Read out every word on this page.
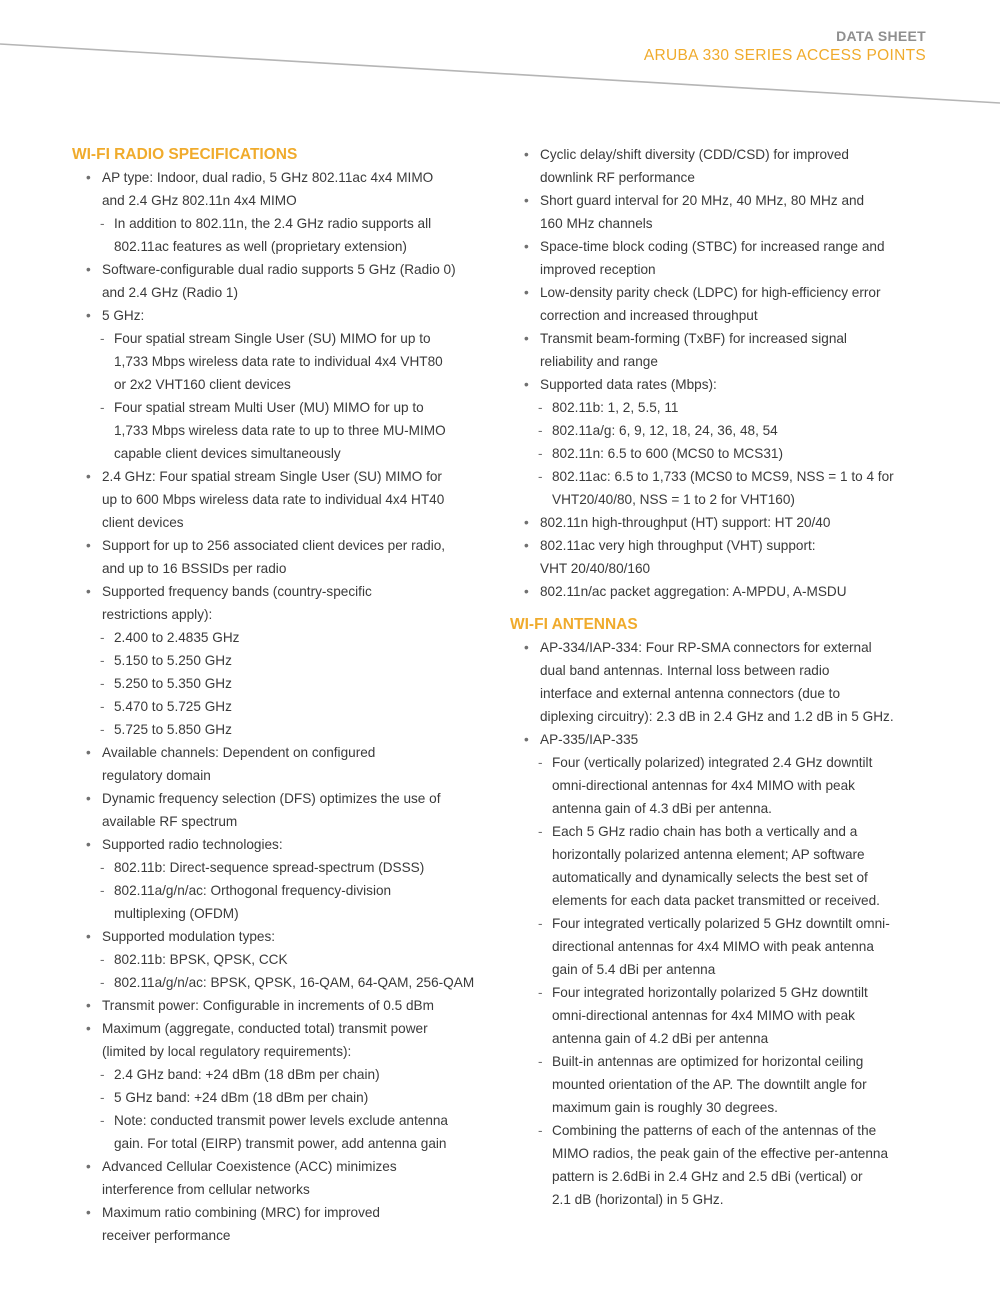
DATA SHEET
ARUBA 330 SERIES ACCESS POINTS
WI-FI RADIO SPECIFICATIONS
• AP type: Indoor, dual radio, 5 GHz 802.11ac 4x4 MIMO
and 2.4 GHz 802.11n 4x4 MIMO
- In addition to 802.11n, the 2.4 GHz radio supports all
802.11ac features as well (proprietary extension)
• Software-configurable dual radio supports 5 GHz (Radio 0)
and 2.4 GHz (Radio 1)
• 5 GHz:
- Four spatial stream Single User (SU) MIMO for up to
1,733 Mbps wireless data rate to individual 4x4 VHT80
or 2x2 VHT160 client devices
- Four spatial stream Multi User (MU) MIMO for up to
1,733 Mbps wireless data rate to up to three MU-MIMO
capable client devices simultaneously
• 2.4 GHz: Four spatial stream Single User (SU) MIMO for
up to 600 Mbps wireless data rate to individual 4x4 HT40
client devices
• Support for up to 256 associated client devices per radio,
and up to 16 BSSIDs per radio
• Supported frequency bands (country-specific
restrictions apply):
- 2.400 to 2.4835 GHz
- 5.150 to 5.250 GHz
- 5.250 to 5.350 GHz
- 5.470 to 5.725 GHz
- 5.725 to 5.850 GHz
• Available channels: Dependent on configured
regulatory domain
• Dynamic frequency selection (DFS) optimizes the use of
available RF spectrum
• Supported radio technologies:
- 802.11b: Direct-sequence spread-spectrum (DSSS)
- 802.11a/g/n/ac: Orthogonal frequency-division
multiplexing (OFDM)
• Supported modulation types:
- 802.11b: BPSK, QPSK, CCK
- 802.11a/g/n/ac: BPSK, QPSK, 16-QAM, 64-QAM, 256-QAM
• Transmit power: Configurable in increments of 0.5 dBm
• Maximum (aggregate, conducted total) transmit power
(limited by local regulatory requirements):
- 2.4 GHz band: +24 dBm (18 dBm per chain)
- 5 GHz band: +24 dBm (18 dBm per chain)
- Note: conducted transmit power levels exclude antenna
gain. For total (EIRP) transmit power, add antenna gain
• Advanced Cellular Coexistence (ACC) minimizes
interference from cellular networks
• Maximum ratio combining (MRC) for improved
receiver performance
• Cyclic delay/shift diversity (CDD/CSD) for improved
downlink RF performance
• Short guard interval for 20 MHz, 40 MHz, 80 MHz and
160 MHz channels
• Space-time block coding (STBC) for increased range and
improved reception
• Low-density parity check (LDPC) for high-efficiency error
correction and increased throughput
• Transmit beam-forming (TxBF) for increased signal
reliability and range
• Supported data rates (Mbps):
- 802.11b: 1, 2, 5.5, 11
- 802.11a/g: 6, 9, 12, 18, 24, 36, 48, 54
- 802.11n: 6.5 to 600 (MCS0 to MCS31)
- 802.11ac: 6.5 to 1,733 (MCS0 to MCS9, NSS = 1 to 4 for
VHT20/40/80, NSS = 1 to 2 for VHT160)
• 802.11n high-throughput (HT) support: HT 20/40
• 802.11ac very high throughput (VHT) support:
VHT 20/40/80/160
• 802.11n/ac packet aggregation: A-MPDU, A-MSDU
WI-FI ANTENNAS
• AP-334/IAP-334: Four RP-SMA connectors for external
dual band antennas. Internal loss between radio
interface and external antenna connectors (due to
diplexing circuitry): 2.3 dB in 2.4 GHz and 1.2 dB in 5 GHz.
• AP-335/IAP-335
- Four (vertically polarized) integrated 2.4 GHz downtilt
omni-directional antennas for 4x4 MIMO with peak
antenna gain of 4.3 dBi per antenna.
- Each 5 GHz radio chain has both a vertically and a
horizontally polarized antenna element; AP software
automatically and dynamically selects the best set of
elements for each data packet transmitted or received.
- Four integrated vertically polarized 5 GHz downtilt omni-
directional antennas for 4x4 MIMO with peak antenna
gain of 5.4 dBi per antenna
- Four integrated horizontally polarized 5 GHz downtilt
omni-directional antennas for 4x4 MIMO with peak
antenna gain of 4.2 dBi per antenna
- Built-in antennas are optimized for horizontal ceiling
mounted orientation of the AP. The downtilt angle for
maximum gain is roughly 30 degrees.
- Combining the patterns of each of the antennas of the
MIMO radios, the peak gain of the effective per-antenna
pattern is 2.6dBi in 2.4 GHz and 2.5 dBi (vertical) or
2.1 dB (horizontal) in 5 GHz.
